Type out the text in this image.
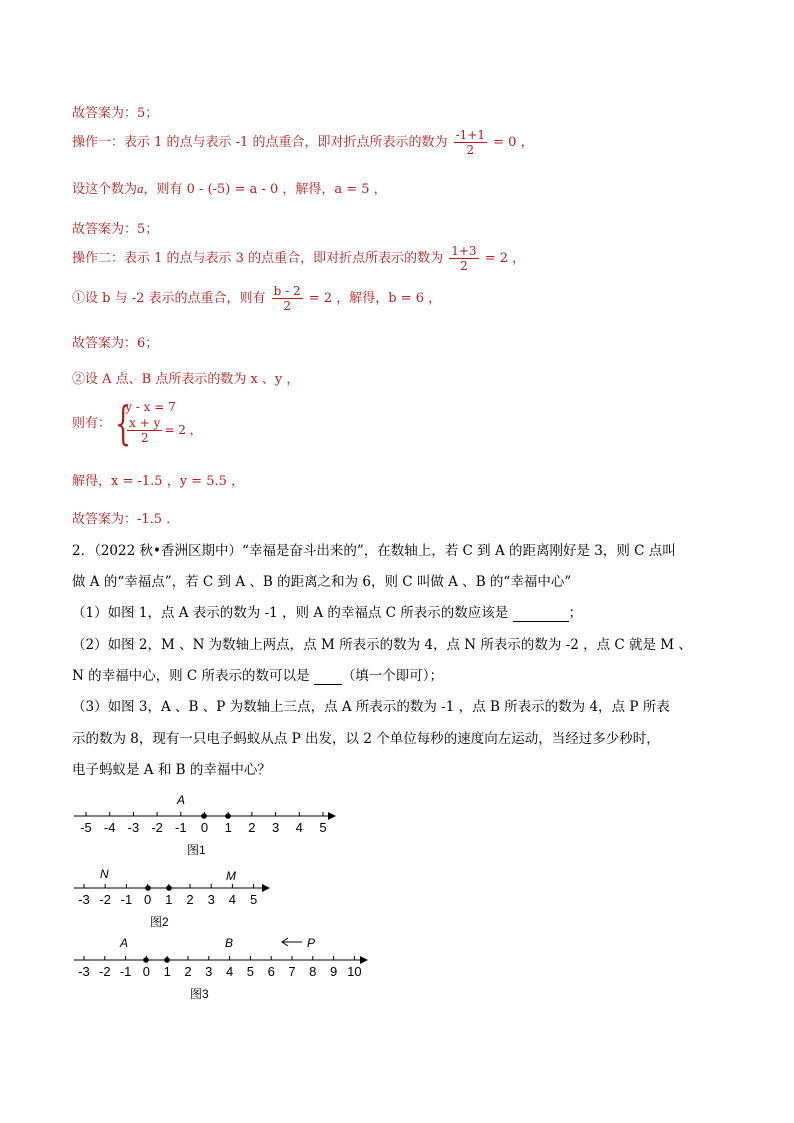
故答案为：5；
操作一：表示 1 的点与表示 -1 的点重合，即对折点所表示的数为 $\frac{-1+1}{2} = 0$ ，
设这个数为a，则有 0 - (-5) = a - 0 ，解得，a = 5 ，
故答案为：5；
操作二：表示 1 的点与表示 3 的点重合，即对折点所表示的数为 $\frac{1+3}{2} = 2$ ，
①设 b 与 -2 表示的点重合，则有 $\frac{b - 2}{2} = 2$ ，解得，b = 6 ，
故答案为：6；
②设 A 点、B 点所表示的数为 x 、y ，
则有： {
y - x = 7
$\frac{x + y}{2} = 2$ ，
解得，x = -1.5 ，y = 5.5 ，
故答案为：-1.5 ．
2．（2022 秋•香洲区期中）“幸福是奋斗出来的”，在数轴上，若 C 到 A 的距离刚好是 3，则 C 点叫
做 A 的“幸福点”，若 C 到 A 、B 的距离之和为 6，则 C 叫做 A 、B 的“幸福中心”
（1）如图 1，点 A 表示的数为 -1 ，则 A 的幸福点 C 所表示的数应该是	；
（2）如图 2，M 、N 为数轴上两点，点 M 所表示的数为 4，点 N 所表示的数为 -2 ，点 C 就是 M 、
N 的幸福中心，则 C 所表示的数可以是 （填一个即可）；
（3）如图 3，A 、B 、P 为数轴上三点，点 A 所表示的数为 -1 ，点 B 所表示的数为 4，点 P 所表
示的数为 8，现有一只电子蚂蚁从点 P 出发，以 2 个单位每秒的速度向左运动，当经过多少秒时，
电子蚂蚁是 A 和 B 的幸福中心？
-5 -4 -3 -2 -1 0 1 2 3 4 5
A
图1
-3 -2 -1 0 1 2 3 4 5
N	M
图2
-3 -2 -1 0 1 2 3 4 5 6 7 8 9 10
A	B	P
图3
